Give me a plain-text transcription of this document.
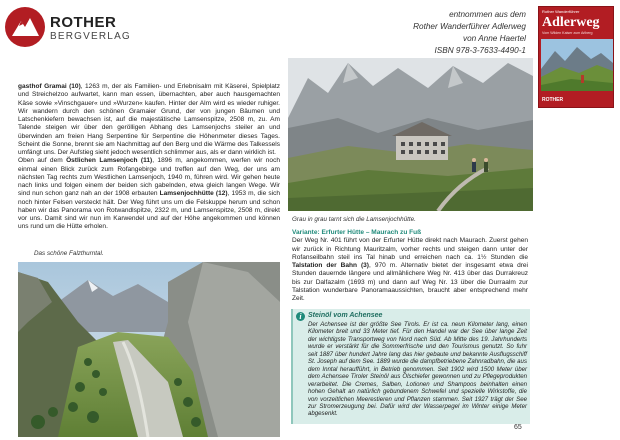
ROTHER
BERGVERLAG
entnommen aus dem
Rother Wanderführer Adlerweg
von Anne Haertel
ISBN 978-3-7633-4490-1
Rother Wanderführer
Adlerweg
Vom Wilden Kaiser zum Arlberg
ROTHER

gasthof Gramai (10), 1263 m, der als Familien- und Erlebnisalm mit Käserei, Spielplatz und Streichelzoo aufwartet, kann man essen, übernachten, aber auch hausgemachten Käse sowie »Vinschgauer« und »Wurzen« kaufen. Hinter der Alm wird es wieder ruhiger. Wir wandern durch den schönen Gramaier Grund, der von jungen Bäumen und Latschenkiefern bewachsen ist, auf die majestätische Lamsenspitze, 2508 m, zu. Am Talende steigen wir über den gerölligen Abhang des Lamsenjochs steiler an und überwinden am freien Hang Serpentine für Serpentine die Höhenmeter dieses Tages. Scheint die Sonne, brennt sie am Nachmittag auf den Berg und die Wärme des Talkessels umfängt uns. Der Aufstieg sieht jedoch wesentlich schlimmer aus, als er dann wirklich ist.

Oben auf dem Östlichen Lamsenjoch (11), 1896 m, angekommen, werfen wir noch einmal einen Blick zurück zum Rofangebirge und treffen auf den Weg, der uns am nächsten Tag rechts zum Westlichen Lamsenjoch, 1940 m, führen wird. Wir gehen heute nach links und folgen einem der beiden sich gabelnden, etwa gleich langen Wege. Wir sind nun schon ganz nah an der 1908 erbauten Lamsenjochhütte (12), 1953 m, die sich noch hinter Felsen versteckt hält. Der Weg führt uns um die Felskuppe herum und schon haben wir das Panorama von Rotwandlspitze, 2322 m, und Lamsenspitze, 2508 m, direkt vor uns. Damit sind wir nun im Karwendel und auf der Höhe angekommen und können uns rund um die Hütte erholen.

Das schöne Falzthurntal.
Grau in grau tarnt sich die Lamsenjochhütte.
Variante: Erfurter Hütte – Maurach zu Fuß

Der Weg Nr. 401 führt von der Erfurter Hütte direkt nach Maurach. Zuerst gehen wir zurück in Richtung Mauritzalm, vorher rechts und steigen dann unter der Rofanseilbahn steil ins Tal hinab und erreichen nach ca. 1½ Stunden die Talstation der Bahn (3), 970 m. Alternativ bietet der insgesamt etwa drei Stunden dauernde längere und allmählichere Weg Nr. 413 über das Durrakreuz bis zur Dalfazalm (1693 m) und dann auf Weg Nr. 13 über die Durraalm zur Talstation wunderbare Panoramaaussichten, braucht aber entsprechend mehr Zeit.

i Steinöl vom Achensee
Der Achensee ist der größte See Tirols. Er ist ca. neun Kilometer lang, einen Kilometer breit und 33 Meter tief. Für den Handel war der See über lange Zeit der wichtigste Transportweg von Nord nach Süd. Ab Mitte des 19. Jahrhunderts wurde er verstärkt für die Sommerfrische und den Tourismus genutzt. So fuhr seit 1887 über hundert Jahre lang das hier gebaute und bekannte Ausflugsschiff St. Joseph auf dem See. 1889 wurde die dampfbetriebene Zahnradbahn, die aus dem Inntal heraufführt, in Betrieb genommen. Seit 1902 wird 1500 Meter über dem Achensee Tiroler Steinöl aus Ölschiefer gewonnen und zu Pflegeprodukten verarbeitet. Die Cremes, Salben, Lotionen und Shampoos beinhalten einen hohen Gehalt an natürlich gebundenem Schwefel und spezielle Wirkstoffe, die von vorzeitlichen Meerestieren und Pflanzen stammen. Seit 1927 trägt der See zur Stromerzeugung bei. Dafür wird der Wasserpegel im Winter einige Meter abgesenkt.
65
